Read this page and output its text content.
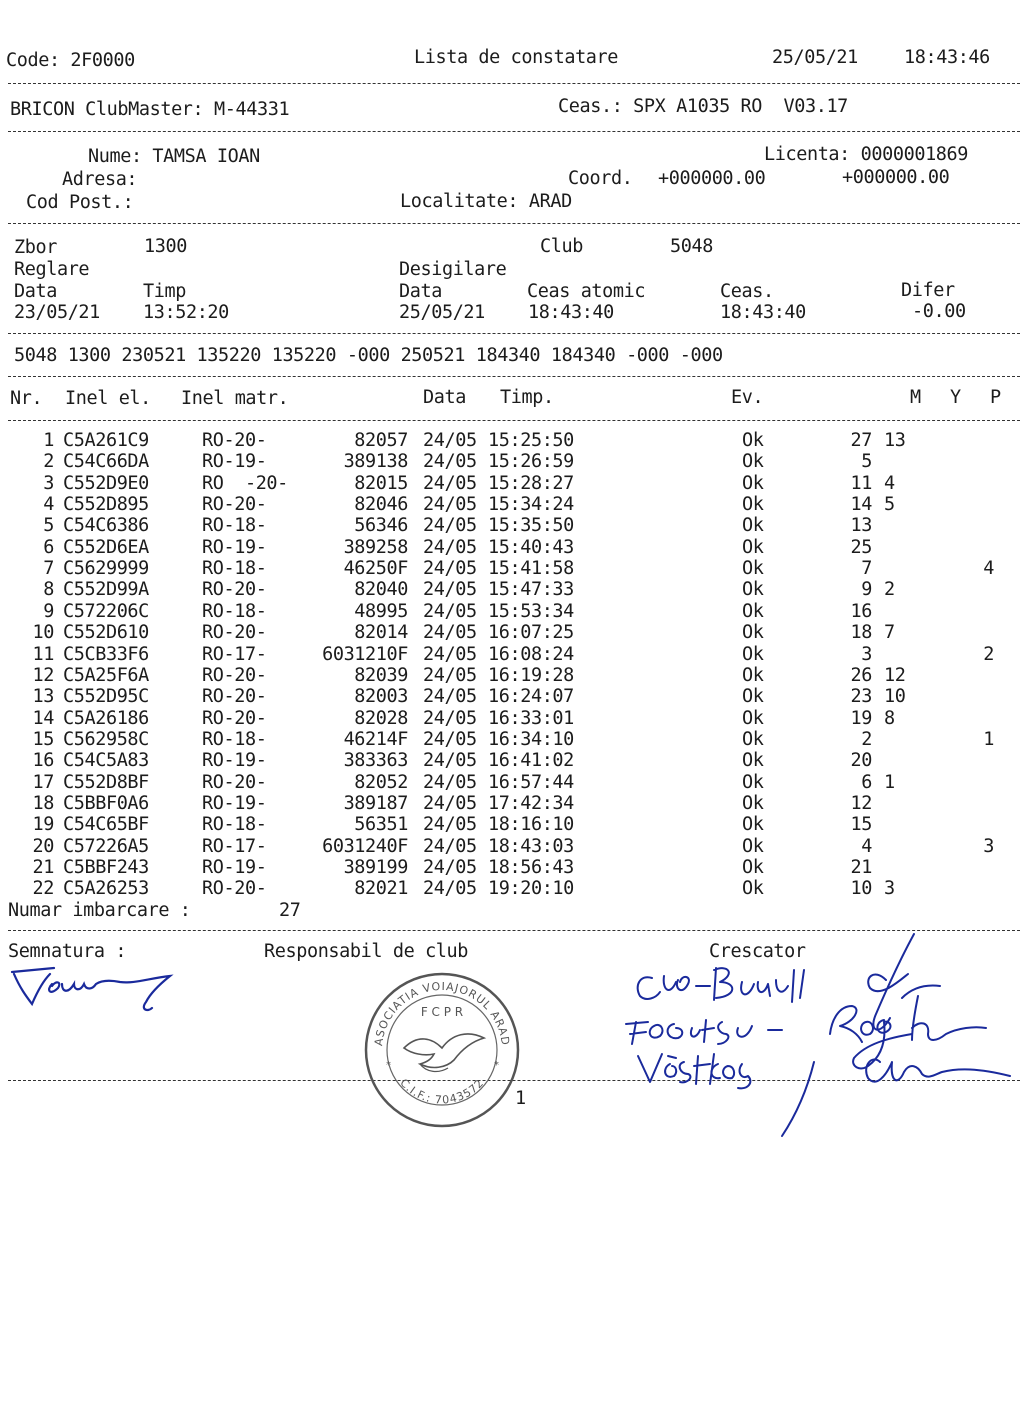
Code: 2F0000	Lista de constatare	25/05/21 18:43:46
BRICON ClubMaster: M-44331	Ceas.: SPX A1035 RO  V03.17
Nume: TAMSA IOAN	Licenta: 0000001869
Adresa:	Coord. +000000.00	+000000.00
Cod Post.:	Localitate: ARAD
Zbor	1300	Club	5048
Reglare	Desigilare
Data	Timp	Data	Ceas atomic	Ceas.	Difer
23/05/21 13:52:20	25/05/21 18:43:40	18:43:40	-0.00
5048 1300 230521 135220 135220 -000 250521 184340 184340 -000 -000
Nr. Inel el. Inel matr.	Data Timp.	Ev.	M Y P
1 C5A261C9	RO-20-	82057 24/05 15:25:50	Ok	27 13
2 C54C66DA	RO-19-	389138 24/05 15:26:59	Ok	5
3 C552D9E0	RO  -20-	82015 24/05 15:28:27	Ok	11 4
4 C552D895	RO-20-	82046 24/05 15:34:24	Ok	14 5
5 C54C6386	RO-18-	56346 24/05 15:35:50	Ok	13
6 C552D6EA	RO-19-	389258 24/05 15:40:43	Ok	25
7 C5629999	RO-18-	46250F 24/05 15:41:58	Ok	7	4
8 C552D99A	RO-20-	82040 24/05 15:47:33	Ok	9 2
9 C572206C	RO-18-	48995 24/05 15:53:34	Ok	16
10 C552D610	RO-20-	82014 24/05 16:07:25	Ok	18 7
11 C5CB33F6	RO-17-	6031210F 24/05 16:08:24	Ok	3	2
12 C5A25F6A	RO-20-	82039 24/05 16:19:28	Ok	26 12
13 C552D95C	RO-20-	82003 24/05 16:24:07	Ok	23 10
14 C5A26186	RO-20-	82028 24/05 16:33:01	Ok	19 8
15 C562958C	RO-18-	46214F 24/05 16:34:10	Ok	2	1
16 C54C5A83	RO-19-	383363 24/05 16:41:02	Ok	20
17 C552D8BF	RO-20-	82052 24/05 16:57:44	Ok	6 1
18 C5BBF0A6	RO-19-	389187 24/05 17:42:34	Ok	12
19 C54C65BF	RO-18-	56351 24/05 18:16:10	Ok	15
20 C57226A5	RO-17-	6031240F 24/05 18:43:03	Ok	4	3
21 C5BBF243	RO-19-	389199 24/05 18:56:43	Ok	21
22 C5A26253	RO-20-	82021 24/05 19:20:10	Ok	10 3
Numar imbarcare :	27
Semnatura :	Responsabil de club	Crescator
1
ASOCIATIA VOIAJORUL ARAD
F C P R
C.I.F.: 7043572
*	*
